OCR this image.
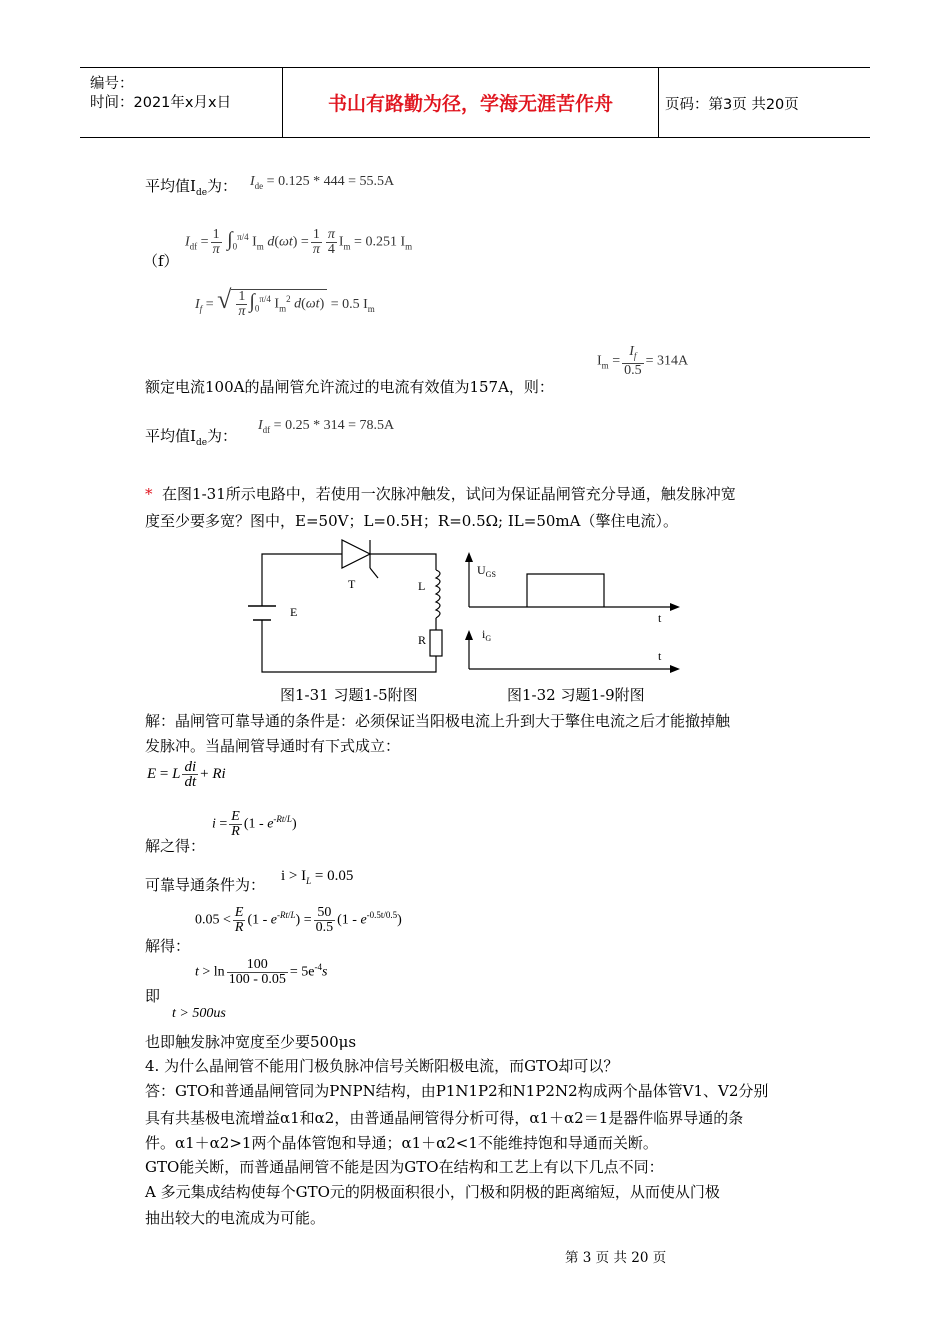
编号：
时间：2021年x月x日	书山有路勤为径，学海无涯苦作舟	页码：第3页 共20页
平均值$I_{de}$为： $I_{de} = 0.125 * 444 = 55.5A$
（f）
$I_{df} = \frac{1}{\pi} \int_0^{\pi/4}$ $I_m$ $d(\omega t) = \frac{1}{\pi} \frac{\pi}{4} I_m = 0.251$ $I_m$
$I_f$ = √ $\frac{1}{\pi} \int_0^{\pi/4}$ $I_m^2$ d(ωt) = 0.5 $I_m$
额定电流100A的晶闸管允许流过的电流有效值为157A，则：
$I_m = \frac{I_f}{0.5} = 314A$
平均值$I_{de}$为：
$I_{df} = 0.25 * 314 = 78.5A$
* 在图1-31所示电路中，若使用一次脉冲触发，试问为保证晶闸管充分导通，触发脉冲宽
度至少要多宽？图中，E=50V；L=0.5H；R=0.5Ω; IL=50mA（擎住电流）。
T	L
E
R
$U_{GS}$
t
$i_G$
t
图1-31 习题1-5附图	图1-32 习题1-9附图
解：晶闸管可靠导通的条件是：必须保证当阳极电流上升到大于擎住电流之后才能撤掉触
发脉冲。当晶闸管导通时有下式成立：
E = L $\frac{di}{dt} + Ri$
$i = \frac{E}{R} (1 - e^{-Rt/L})$
解之得：
可靠导通条件为： $i > I_L = 0.05$
$0.05 < \frac{E}{R} (1 - e^{-Rt/L}) = \frac{50}{0.5} (1 - e^{-0.5t/0.5})$
解得：
$t > \ln \frac{100}{100 - 0.05} = 5e^{-4}s$
即
t > 500us
也即触发脉冲宽度至少要500μs
4. 为什么晶闸管不能用门极负脉冲信号关断阳极电流，而GTO却可以？
答：GTO和普通晶闸管同为PNPN结构，由P1N1P2和N1P2N2构成两个晶体管V1、V2分别
具有共基极电流增益α1和α2，由普通晶闸管得分析可得，α1＋α2＝1是器件临界导通的条
件。α1＋α2>1两个晶体管饱和导通；α1＋α2<1不能维持饱和导通而关断。
GTO能关断，而普通晶闸管不能是因为GTO在结构和工艺上有以下几点不同：
A 多元集成结构使每个GTO元的阴极面积很小，门极和阴极的距离缩短，从而使从门极
抽出较大的电流成为可能。
第 3 页 共 20 页
